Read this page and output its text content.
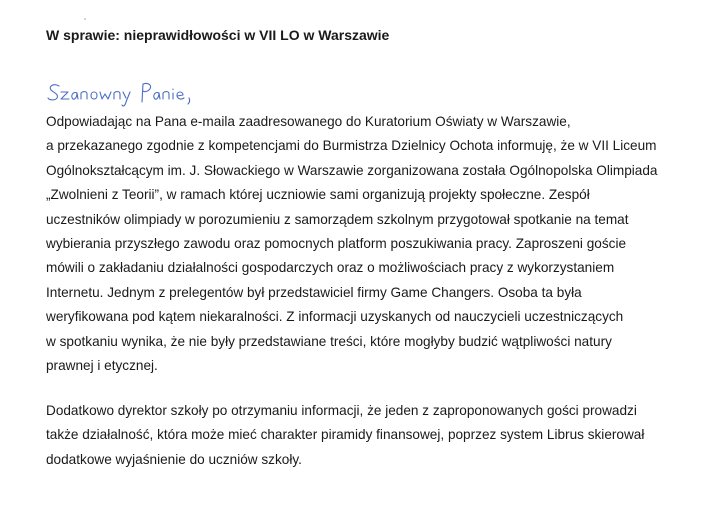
W sprawie: nieprawidłowości w VII LO w Warszawie
Odpowiadając na Pana e-maila zaadresowanego do Kuratorium Oświaty w Warszawie,
a przekazanego zgodnie z kompetencjami do Burmistrza Dzielnicy Ochota informuję, że w VII Liceum
Ogólnokształcącym im. J. Słowackiego w Warszawie zorganizowana została Ogólnopolska Olimpiada
„Zwolnieni z Teorii”, w ramach której uczniowie sami organizują projekty społeczne. Zespół
uczestników olimpiady w porozumieniu z samorządem szkolnym przygotował spotkanie na temat
wybierania przyszłego zawodu oraz pomocnych platform poszukiwania pracy. Zaproszeni goście
mówili o zakładaniu działalności gospodarczych oraz o możliwościach pracy z wykorzystaniem
Internetu. Jednym z prelegentów był przedstawiciel firmy Game Changers. Osoba ta była
weryfikowana pod kątem niekaralności. Z informacji uzyskanych od nauczycieli uczestniczących
w spotkaniu wynika, że nie były przedstawiane treści, które mogłyby budzić wątpliwości natury
prawnej i etycznej.
Dodatkowo dyrektor szkoły po otrzymaniu informacji, że jeden z zaproponowanych gości prowadzi
także działalność, która może mieć charakter piramidy finansowej, poprzez system Librus skierował
dodatkowe wyjaśnienie do uczniów szkoły.
